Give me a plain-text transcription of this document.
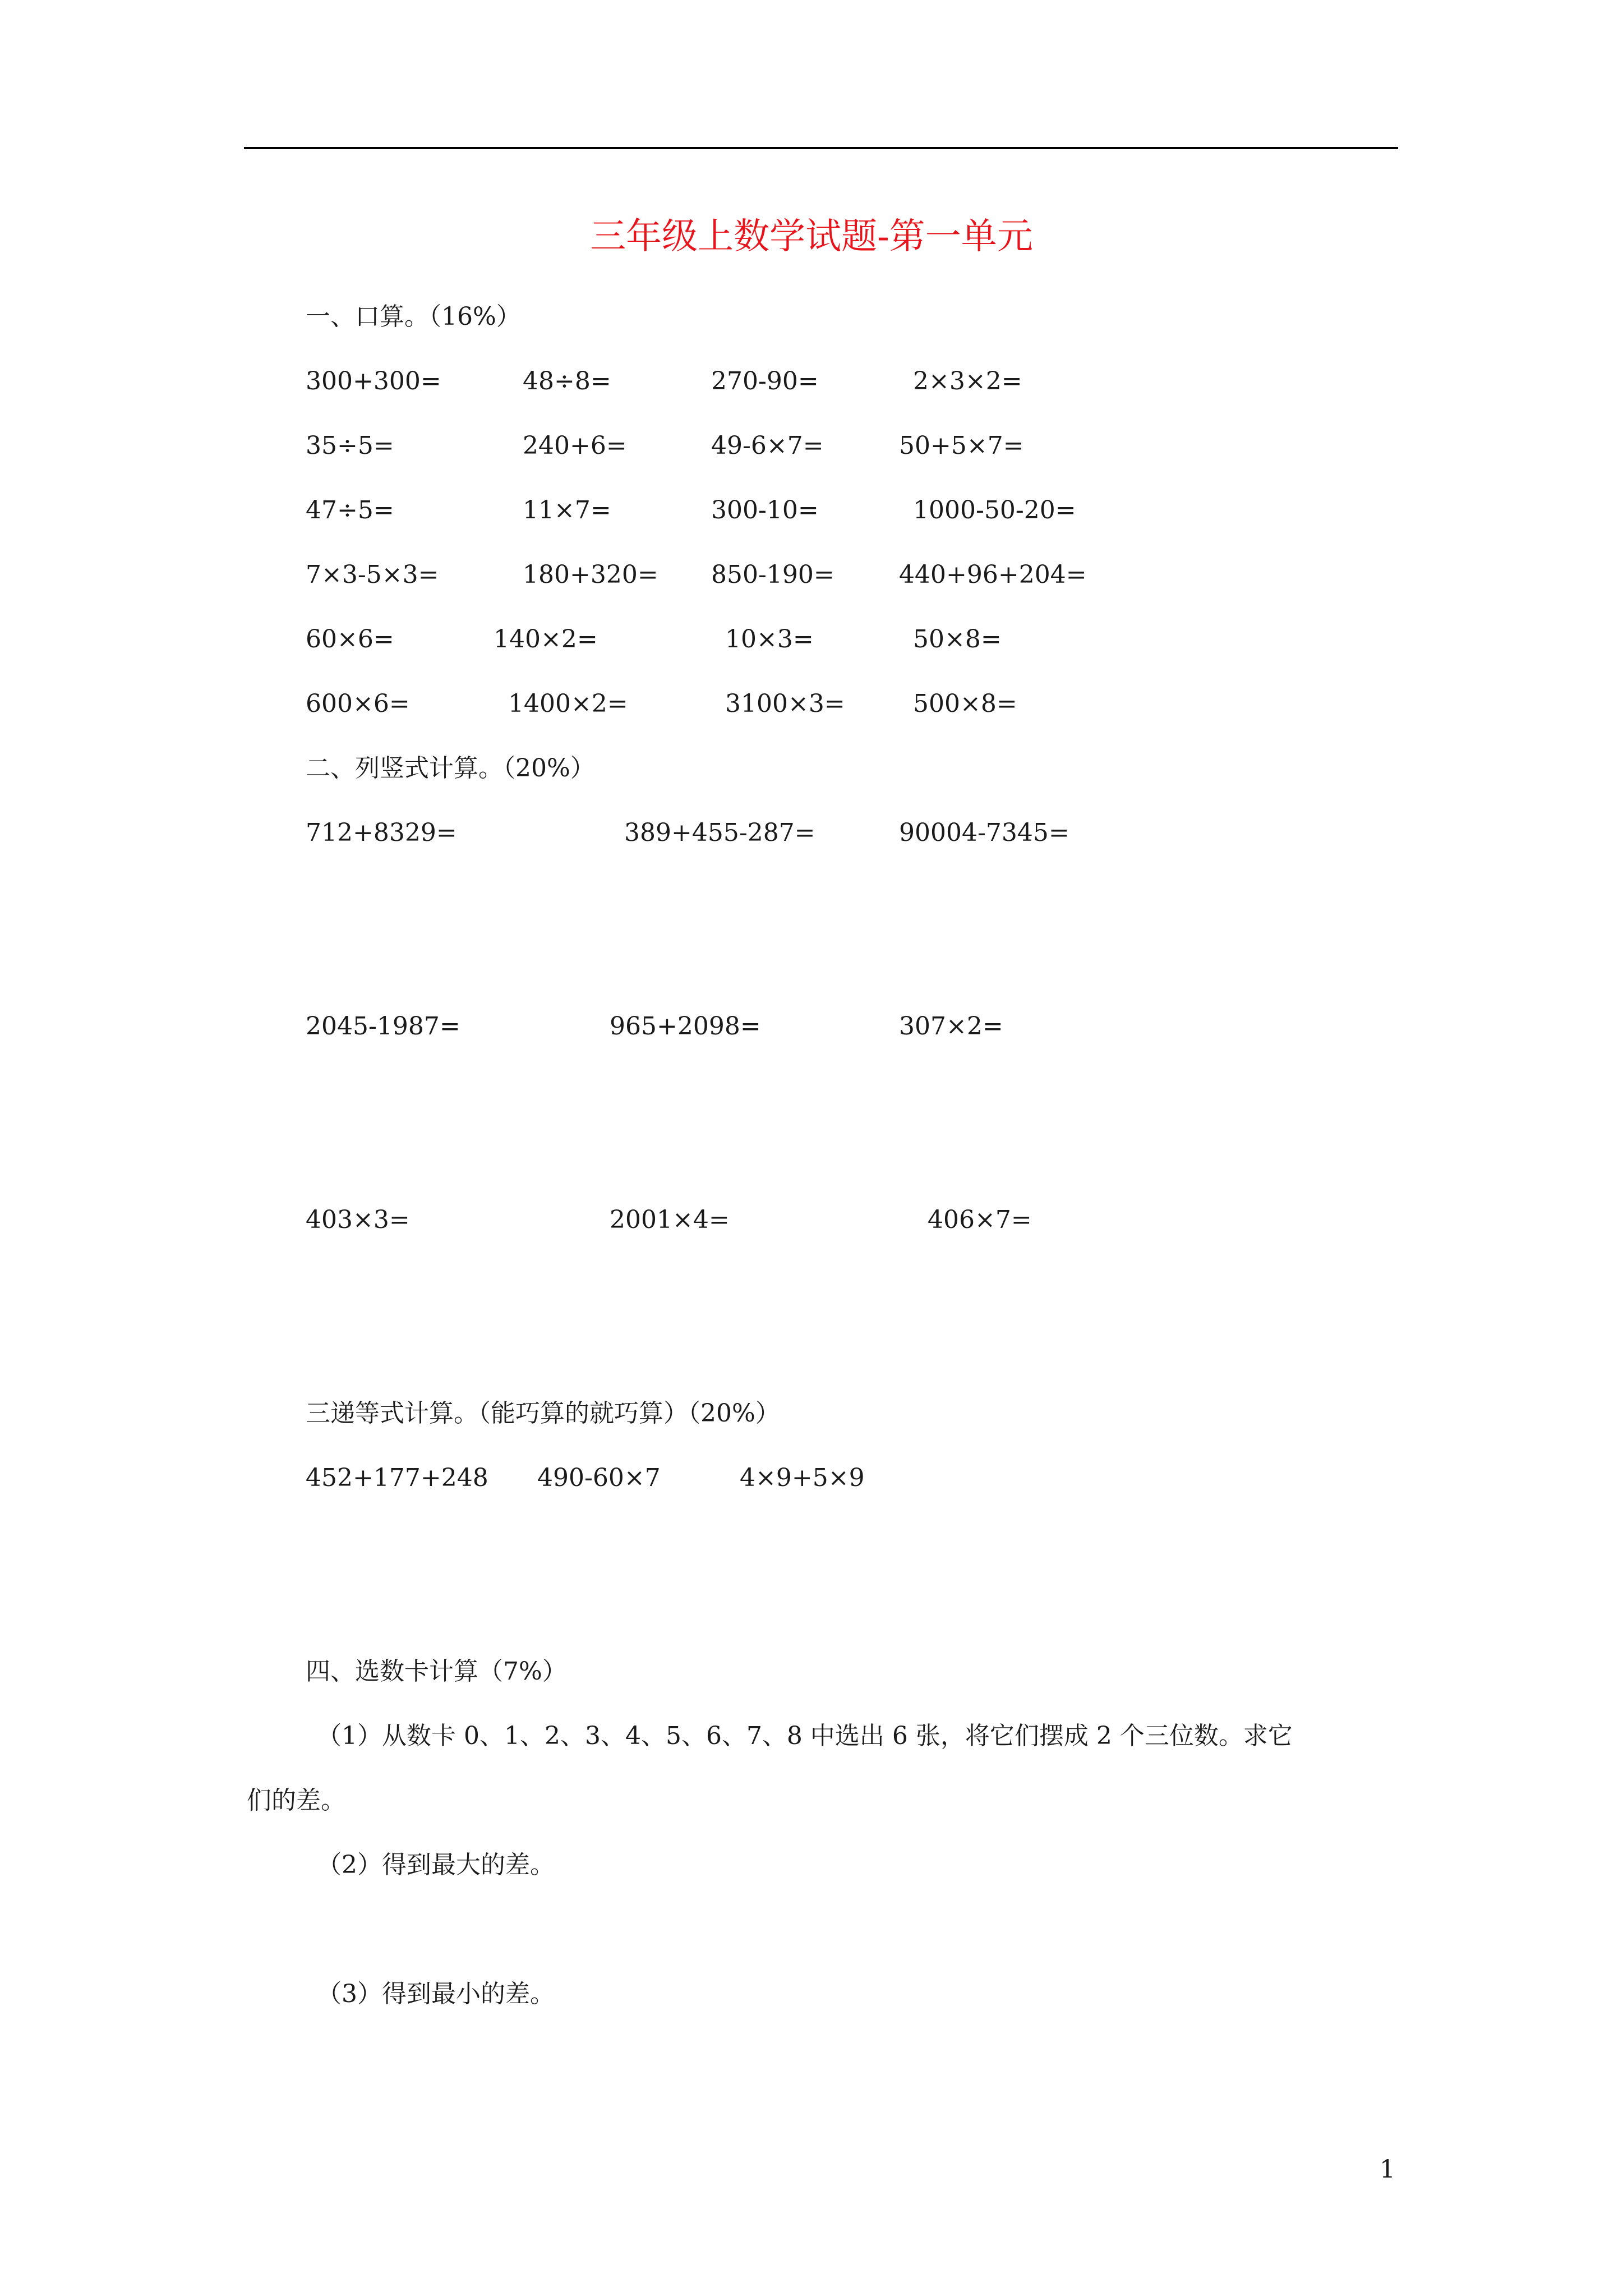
三年级上数学试题-第一单元
一、口算。（16%）
300+300=	48÷8=	270-90=	2×3×2=
35÷5=	240+6=	49-6×7=	50+5×7=
47÷5=	11×7=	300-10=	1000-50-20=
7×3-5×3=	180+320= 850-190=	440+96+204=
60×6=	140×2=	10×3=	50×8=
600×6=	1400×2=	3100×3=	500×8=
二、列竖式计算。（20%）
712+8329=	389+455-287=	90004-7345=
2045-1987=	965+2098=	307×2=
403×3=	2001×4=	406×7=
三递等式计算。（能巧算的就巧算）（20%）
452+177+248 490-60×7	4×9+5×9
四、选数卡计算（7%）
（1）从数卡 0、1、2、3、4、5、6、7、8 中选出 6 张，将它们摆成 2 个三位数。求它
们的差。
（2）得到最大的差。
（3）得到最小的差。
1
